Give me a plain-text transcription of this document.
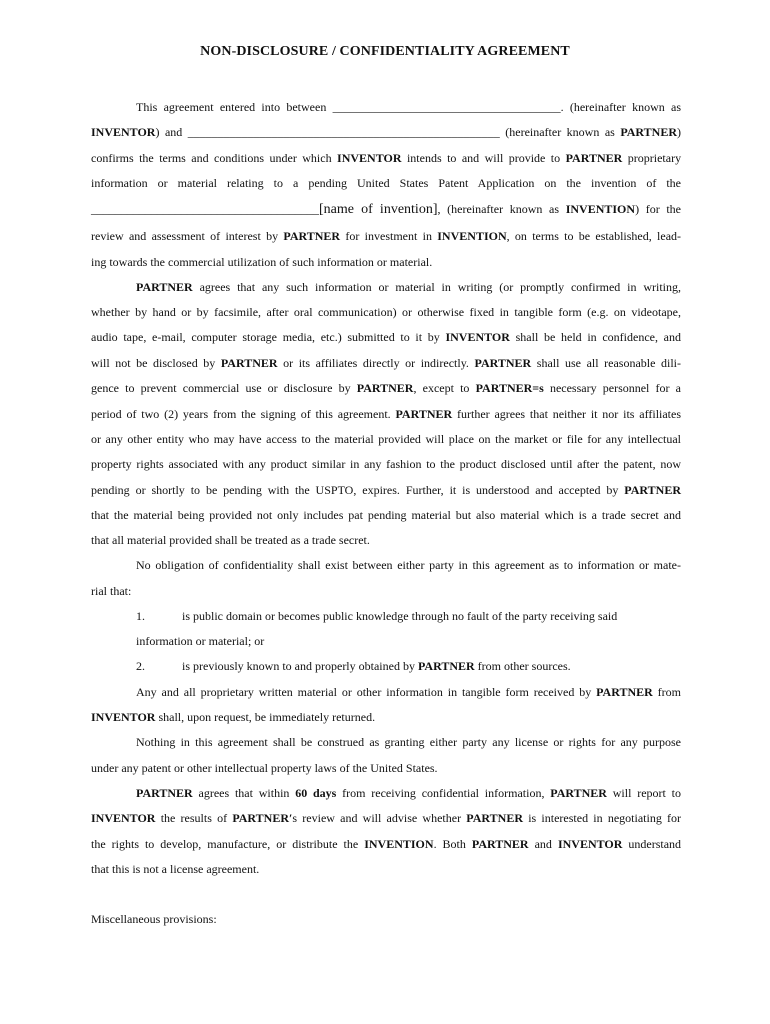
NON-DISCLOSURE / CONFIDENTIALITY AGREEMENT
This agreement entered into between ______________________________________. (hereinafter known as
INVENTOR) and ____________________________________________________ (hereinafter known as PARTNER)
confirms the terms and conditions under which INVENTOR intends to and will provide to PARTNER proprietary
information or material relating to a pending United States Patent Application on the invention of the
______________________________________[name of invention], (hereinafter known as INVENTION) for the
review and assessment of interest by PARTNER for investment in INVENTION, on terms to be established, lead-
ing towards the commercial utilization of such information or material.
PARTNER agrees that any such information or material in writing (or promptly confirmed in writing,
whether by hand or by facsimile, after oral communication) or otherwise fixed in tangible form (e.g. on videotape,
audio tape, e-mail, computer storage media, etc.) submitted to it by INVENTOR shall be held in confidence, and
will not be disclosed by PARTNER or its affiliates directly or indirectly. PARTNER shall use all reasonable dili-
gence to prevent commercial use or disclosure by PARTNER, except to PARTNER=s necessary personnel for a
period of two (2) years from the signing of this agreement. PARTNER further agrees that neither it nor its affiliates
or any other entity who may have access to the material provided will place on the market or file for any intellectual
property rights associated with any product similar in any fashion to the product disclosed until after the patent, now
pending or shortly to be pending with the USPTO, expires. Further, it is understood and accepted by PARTNER
that the material being provided not only includes pat pending material but also material which is a trade secret and
that all material provided shall be treated as a trade secret.
No obligation of confidentiality shall exist between either party in this agreement as to information or mate-
rial that:
1.	is public domain or becomes public knowledge through no fault of the party receiving said
information or material; or
2.	is previously known to and properly obtained by PARTNER from other sources.
Any and all proprietary written material or other information in tangible form received by PARTNER from
INVENTOR shall, upon request, be immediately returned.
Nothing in this agreement shall be construed as granting either party any license or rights for any purpose
under any patent or other intellectual property laws of the United States.
PARTNER agrees that within 60 days from receiving confidential information, PARTNER will report to
INVENTOR the results of PARTNER′s review and will advise whether PARTNER is interested in negotiating for
the rights to develop, manufacture, or distribute the INVENTION. Both PARTNER and INVENTOR understand
that this is not a license agreement.
Miscellaneous provisions:
